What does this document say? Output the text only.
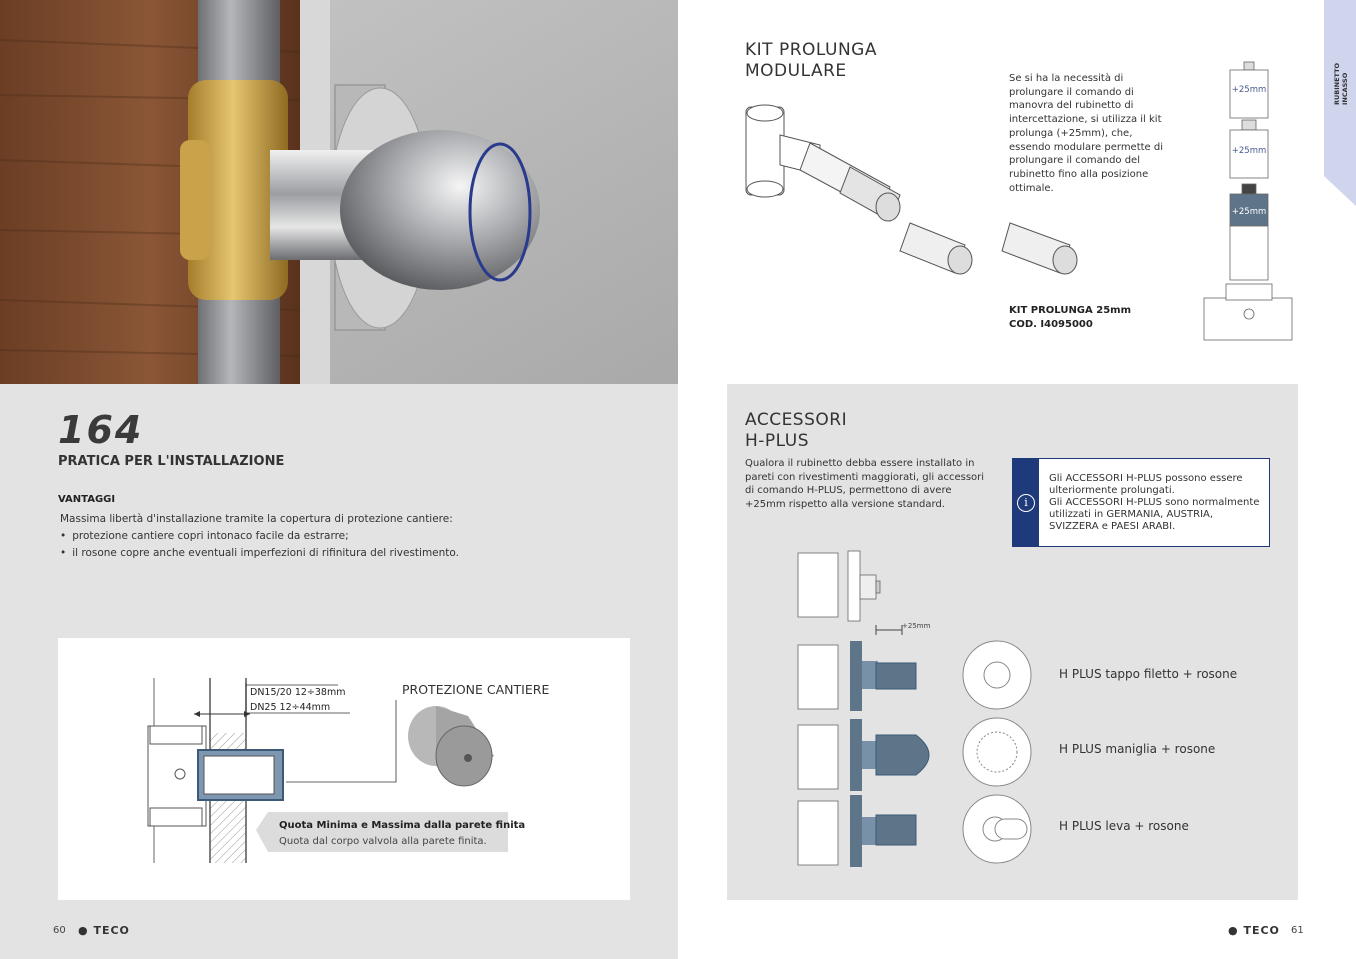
164
PRATICA PER L'INSTALLAZIONE
VANTAGGI
Massima libertà d'installazione tramite la copertura di protezione cantiere:
• protezione cantiere copri intonaco facile da estrarre;
• il rosone copre anche eventuali imperfezioni di rifinitura del rivestimento.
DN15/20 12÷38mm
DN25 12÷44mm
PROTEZIONE CANTIERE
Quota Minima e Massima dalla parete finita
Quota dal corpo valvola alla parete finita.
60 ● TECO
INCASSO
KIT PROLUNGA
MODULARE	Se si ha la necessità di prolungare il comando di manovra del rubinetto di intercettazione, si utilizza il kit prolunga (+25mm), che, essendo modulare permette di prolungare il comando del rubinetto fino alla posizione ottimale.
KIT PROLUNGA 25mm
COD. I4095000
+25mm
+25mm
+25mm
ACCESSORI
H-PLUS
Qualora il rubinetto debba essere installato in pareti con rivestimenti maggiorati, gli accessori di comando H-PLUS, permettono di avere +25mm rispetto alla versione standard.	i
Gli ACCESSORI H-PLUS possono essere ulteriormente prolungati.
Gli ACCESSORI H-PLUS sono normalmente utilizzati in GERMANIA, AUSTRIA, SVIZZERA e PAESI ARABI.
+25mm
H PLUS tappo filetto + rosone
H PLUS maniglia + rosone
H PLUS leva + rosone
● TECO 61
